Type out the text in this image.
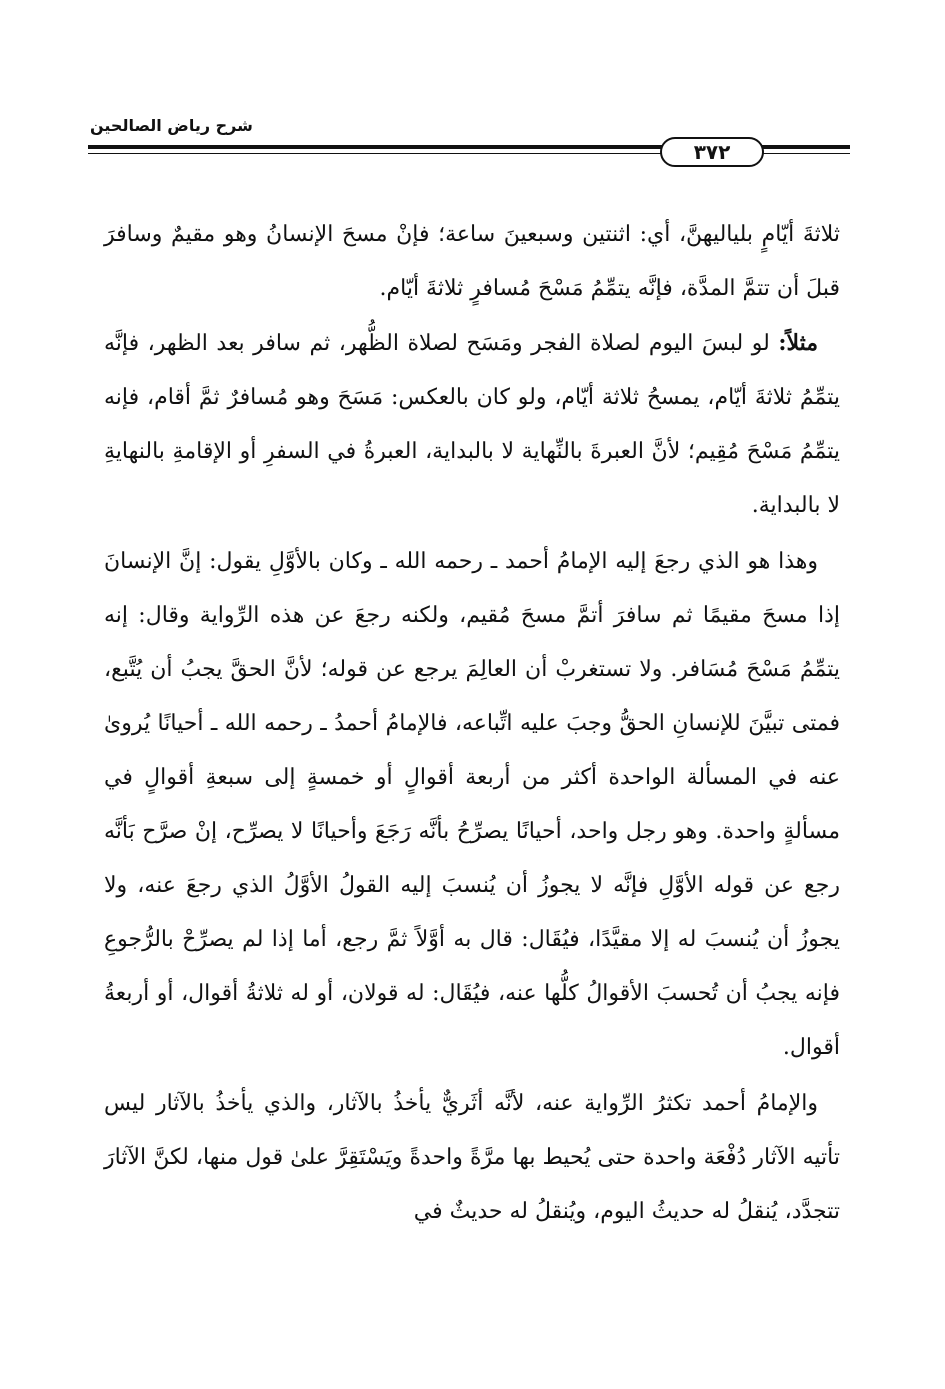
شرح رياض الصالحين
٣٧٢

ثلاثةَ أيّامٍ بلياليهنَّ، أي: اثنتين وسبعينَ ساعة؛ فإنْ مسحَ الإنسانُ وهو مقيمٌ وسافرَ قبلَ أن تتمَّ المدَّة، فإنَّه يتمِّمُ مَسْحَ مُسافرٍ ثلاثةَ أيّام.

مثلاً: لو لبسَ اليوم لصلاة الفجر ومَسَح لصلاة الظُّهر، ثم سافر بعد الظهر، فإنَّه يتمِّمُ ثلاثةَ أيّام، يمسحُ ثلاثة أيّام، ولو كان بالعكس: مَسَحَ وهو مُسافرٌ ثمَّ أقام، فإنه يتمِّمُ مَسْحَ مُقِيم؛ لأنَّ العبرةَ بالنِّهاية لا بالبداية، العبرةُ في السفرِ أو الإقامةِ بالنهايةِ لا بالبداية.

وهذا هو الذي رجعَ إليه الإمامُ أحمد ـ رحمه الله ـ وكان بالأوَّلِ يقول: إنَّ الإنسانَ إذا مسحَ مقيمًا ثم سافرَ أتمَّ مسحَ مُقيم، ولكنه رجعَ عن هذه الرِّواية وقال: إنه يتمِّمُ مَسْحَ مُسَافر. ولا تستغربْ أن العالِمَ يرجع عن قوله؛ لأنَّ الحقَّ يجبُ أن يُتَّبع، فمتى تبيَّنَ للإنسانِ الحقُّ وجبَ عليه اتِّباعه، فالإمامُ أحمدُ ـ رحمه الله ـ أحيانًا يُروىٰ عنه في المسألة الواحدة أكثر من أربعة أقوالٍ أو خمسةٍ إلى سبعةِ أقوالٍ في مسألةٍ واحدة. وهو رجل واحد، أحيانًا يصرِّحُ بأنَّه رَجَعَ وأحيانًا لا يصرِّح، إنْ صرَّح بَأنَّه رجع عن قوله الأوَّلِ فإنَّه لا يجوزُ أن يُنسبَ إليه القولُ الأوَّلُ الذي رجعَ عنه، ولا يجوزُ أن يُنسبَ له إلا مقيَّدًا، فيُقَال: قال به أوَّلاً ثمَّ رجع، أما إذا لم يصرِّحْ بالرُّجوعِ فإنه يجبُ أن تُحسبَ الأقوالُ كلُّها عنه، فيُقَال: له قولان، أو له ثلاثةُ أقوال، أو أربعةُ أقوال.

والإمامُ أحمد تكثرُ الرِّواية عنه، لأنَّه أثَريٌّ يأخذُ بالآثار، والذي يأخذُ بالآثار ليس تأتيه الآثار دُفْعَة واحدة حتى يُحيط بها مرَّةً واحدةً ويَسْتَقِرَّ علىٰ قول منها، لكنَّ الآثارَ تتجدَّد، يُنقلُ له حديثُ اليوم، ويُنقلُ له حديثٌ في
